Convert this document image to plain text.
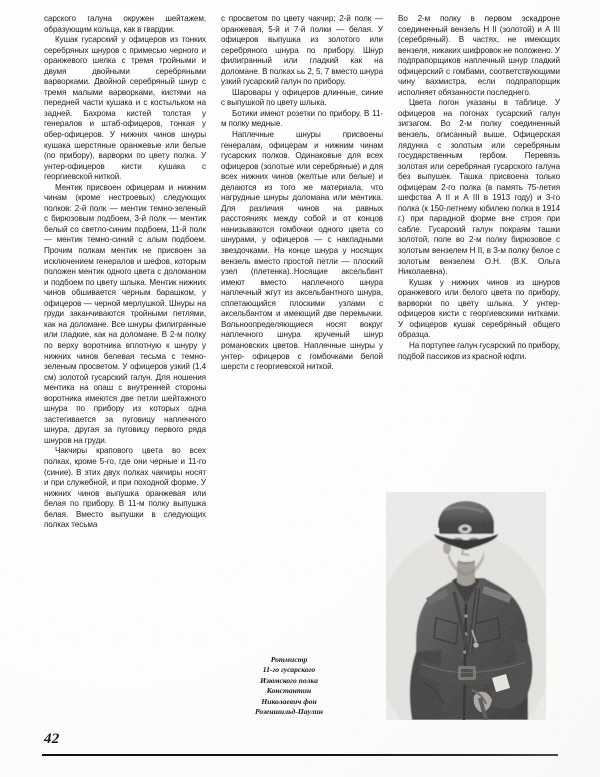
сарского галуна окружен шейтажем, образующим кольца, как в гвардии.

Кушак гусарский у офицеров из тонких серебряных шнуров с примесью черного и оранжевого шелка с тремя тройными и двумя двойными серебряными варворками. Двойной серебряный шнур с тремя малыми варворками, кистями на передней части кушака и с костыльком на задней. Бахрома кистей толстая у генералов и штаб-офицеров, тонкая у обер-офицеров. У нижних чинов шнуры кушака шерстяные оранжевые или белые (по прибору), варворки по цвету полка. У унтер-офицеров кисти кушака с георгиевской ниткой.

Ментик присвоен офицерам и нижним чинам (кроме нестроевых) следующих полков: 2-й полк — ментик темно-зеленый с бирюзовым подбоем, 3-й полк — ментик белый со светло-синим подбоем, 11-й полк — ментик темно-синий с алым подбоем. Прочим полкам ментик не присвоен за исключением генералов и шефов, которым положен ментик одного цвета с доломаном и подбоем по цвету шлыка. Ментик нижних чинов обшивается черным барашком, у офицеров — черной мерлушкой. Шнуры на груди заканчиваются тройными петлями, как на доломане. Все шнуры филигранные или гладкие, как на доломане. В 2-м полку по верху воротника вплотную к шнуру у нижних чинов белевая тесьма с темно-зеленым просветом. У офицеров узкий (1,4 см) золотой гусарский галун. Для ношения ментика на опаш с внутренней стороны воротника имеются две петли шейтажного шнура по прибору из которых одна застегивается за пуговицу наплечного шнура, другая за пуговицу первого ряда шнуров на груди.

Чакчиры крапового цвета во всех полках, кроме 5-го, где они черные и 11-го (синие). В этих двух полках чакчиры носят и при служебной, и при походной форме. У нижних чинов выпушка оранжевая или белая по прибору. В 11-м полку выпушка белая. Вместо выпушки в следующих полках тесьма

с просветом по цвету чакчир; 2-й полк — оранжевая, 5-й и 7-й полки — белая. У офицеров выпушка из золотого или серебряного шнура по прибору. Шнур филигранный или гладкий как на доломане. В полках ьь 2, 5, 7 вместо шнура узкий гусарский галун по прибору.

Шаровары у офицеров длинные, синие с выпушкой по цвету шлыка.

Ботики имеют розетки по прибору. В 11-м полку медные.

Наплечные шнуры присвоены генералам, офицерам и нижним чинам гусарских полков. Одинаковые для всех офицеров (золотые или серебряные) и для всех нижних чинов (желтые или белые) и делаются из того же материала, что нагрудные шнуры доломана или ментика. Для различия чинов на равных расстояниях между собой и от концов нанизываются гомбочки одного цвета со шнурами, у офицеров — с накладными звездочками. На конце шнура у носящих вензель вместо простой петли — плоский узел (плетенка)..Носящие аксельбант имеют вместо наплечного шнура наплечный жгут из аксельбантного шнура, сплетающийся плоскими узлами с аксельбантом и имеющий две перемычки. Вольноопределяющиеся носят вокруг наплечного шнура крученый шнур романовских цветов. Наплечные шнуры у унтер- офицеров с гомбочками белой шерсти с георгиевской ниткой.

Во 2-м полку в первом эскадроне соединенный вензель Н II (золотой) и А III (серебряный). В частях, не имеющих вензеля, никаких шифровок не положено. У подпрапорщиков наплечный шнур гладкий офицерский с гомбами, соответствующими чину вахмистра, если подпрапорщик исполняет обязанности последнего.

Цвета погон указаны в таблице. У офицеров на погонах гусарский галун зигзагом. Во 2-м полку соединенный вензель, описанный выше. Офицерская лядунка с золотым или серебряным государственным гербом. Перевязь золотая или серебряная гусарского галуна без выпушек. Ташка присвоена только офицерам 2-го полка (в память 75-летия шефства А II и А III в 1913 году) и 3-го полка (к 150-летнему юбилею полка в 1914 г.) при парадной форме вне строя при сабле. Гусарский галун покраям ташки золотой, поле во 2-м полку бирюзовое с золотым вензелем Н II, в 3-м полку белое с золотым вензелем О.Н. (В.К. Ольга Николаевна).

Кушак у нижних чинов из шнуров оранжевого или белого цвета по прибору, варворки по цвету шлыка. У унтер-офицеров кисти с георгиевскими нитками. У офицеров кушак серебряный общего образца.

На портупее галун гусарский по прибору, подбой пассиков из красной юфти.

Ротмистр
11-го гусарского
Изюмского полка
Константин
Николаевич фон
Розеншильд-Паулин
42
